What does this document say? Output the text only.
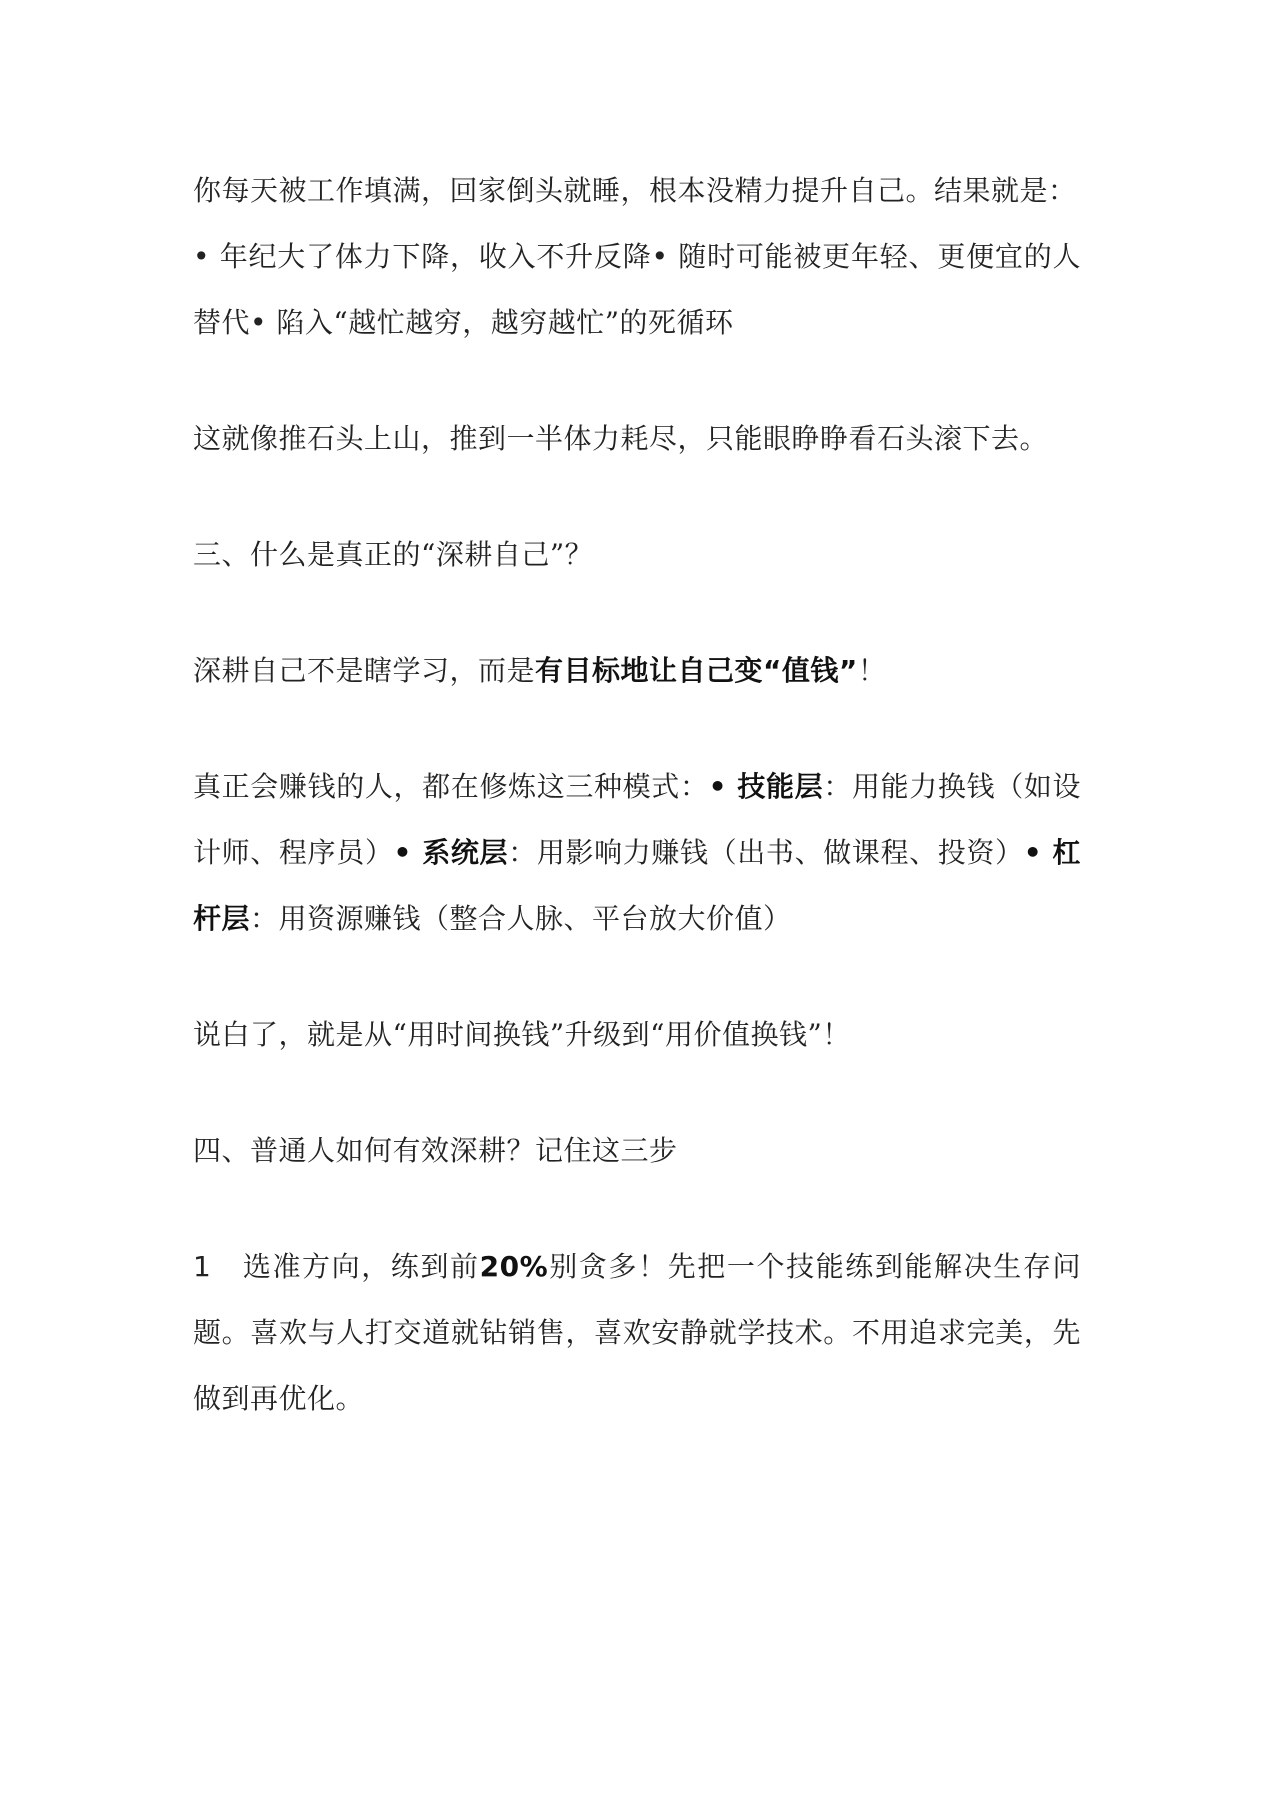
你每天被工作填满，回家倒头就睡，根本没精力提升自己。结果就是：
• 年纪大了体力下降，收入不升反降• 随时可能被更年轻、更便宜的人替代• 陷入“越忙越穷，越穷越忙”的死循环

这就像推石头上山，推到一半体力耗尽，只能眼睁睁看石头滚下去。

三、什么是真正的“深耕自己”？

深耕自己不是瞎学习，而是有目标地让自己变“值钱”！

真正会赚钱的人，都在修炼这三种模式：• 技能层：用能力换钱（如设计师、程序员）• 系统层：用影响力赚钱（出书、做课程、投资）• 杠杆层：用资源赚钱（整合人脉、平台放大价值）

说白了，就是从“用时间换钱”升级到“用价值换钱”！

四、普通人如何有效深耕？记住这三步

1 选准方向，练到前20%别贪多！先把一个技能练到能解决生存问题。喜欢与人打交道就钻销售，喜欢安静就学技术。不用追求完美，先做到再优化。
